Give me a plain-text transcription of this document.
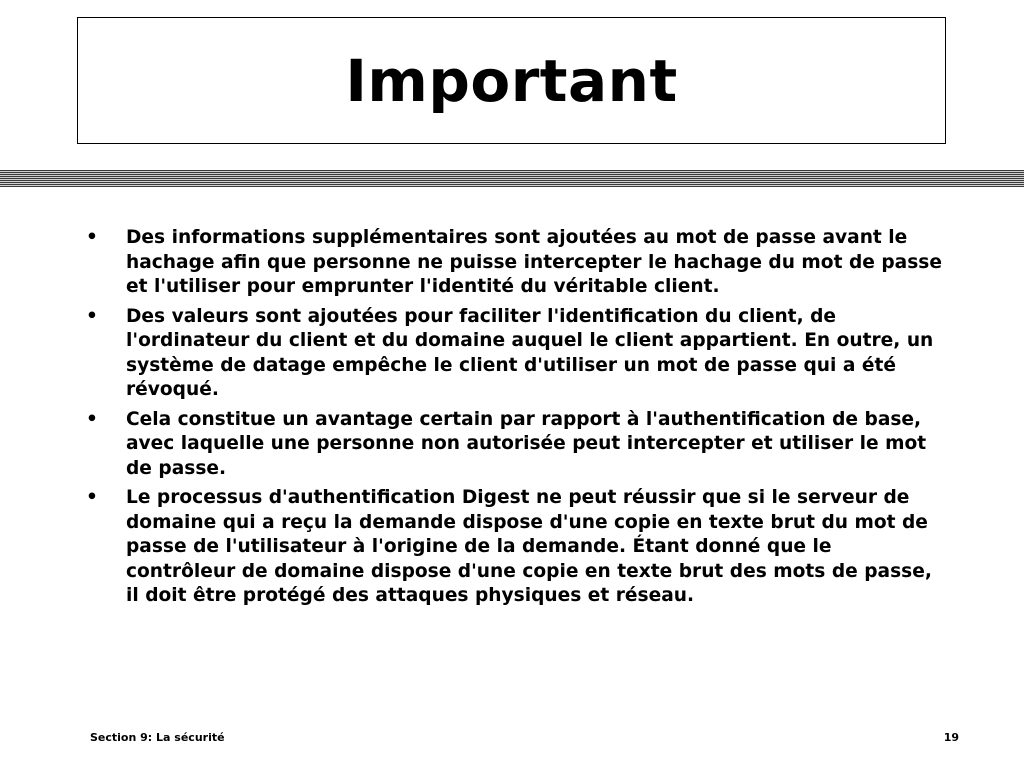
Important
•	Des informations supplémentaires sont ajoutées au mot de passe avant le hachage afin que personne ne puisse intercepter le hachage du mot de passe et l'utiliser pour emprunter l'identité du véritable client.
•	Des valeurs sont ajoutées pour faciliter l'identification du client, de l'ordinateur du client et du domaine auquel le client appartient. En outre, un système de datage empêche le client d'utiliser un mot de passe qui a été révoqué.
•	Cela constitue un avantage certain par rapport à l'authentification de base, avec laquelle une personne non autorisée peut intercepter et utiliser le mot de passe.
•	Le processus d'authentification Digest ne peut réussir que si le serveur de domaine qui a reçu la demande dispose d'une copie en texte brut du mot de passe de l'utilisateur à l'origine de la demande. Étant donné que le contrôleur de domaine dispose d'une copie en texte brut des mots de passe, il doit être protégé des attaques physiques et réseau.
Section 9: La sécurité	19
